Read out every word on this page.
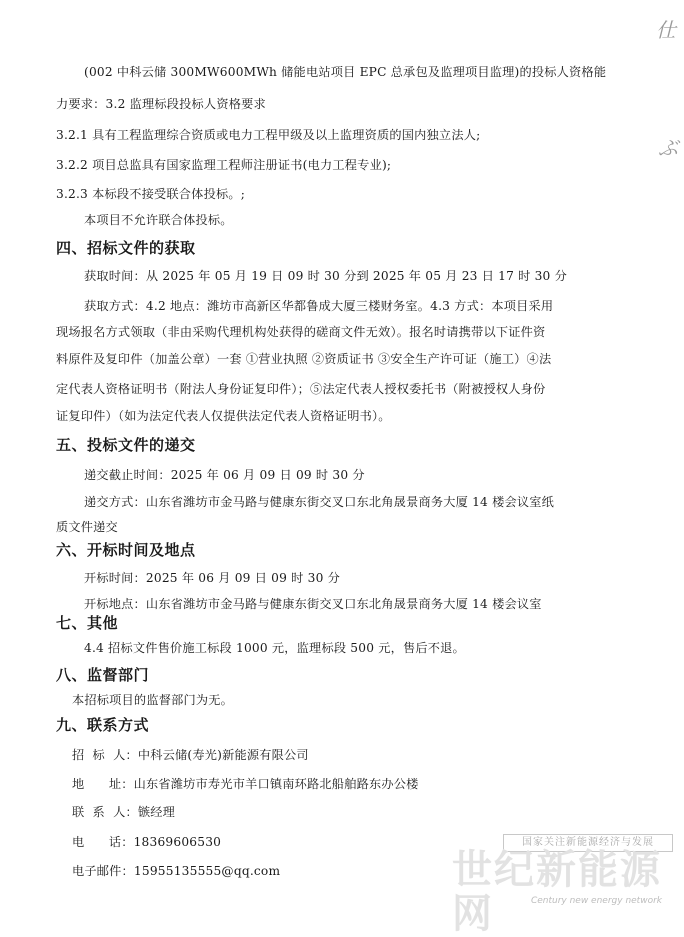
(002 中科云储 300MW600MWh 储能电站项目 EPC 总承包及监理项目监理)的投标人资格能
力要求：3.2 监理标段投标人资格要求
3.2.1 具有工程监理综合资质或电力工程甲级及以上监理资质的国内独立法人;
3.2.2 项目总监具有国家监理工程师注册证书(电力工程专业);
3.2.3 本标段不接受联合体投标。;
本项目不允许联合体投标。
四、招标文件的获取
获取时间：从 2025 年 05 月 19 日 09 时 30 分到 2025 年 05 月 23 日 17 时 30 分
获取方式：4.2 地点：潍坊市高新区华都鲁成大厦三楼财务室。4.3 方式：本项目采用
现场报名方式领取（非由采购代理机构处获得的磋商文件无效）。报名时请携带以下证件资
料原件及复印件（加盖公章）一套 ①营业执照 ②资质证书 ③安全生产许可证（施工）④法
定代表人资格证明书（附法人身份证复印件）；⑤法定代表人授权委托书（附被授权人身份
证复印件）（如为法定代表人仅提供法定代表人资格证明书）。
五、投标文件的递交
递交截止时间：2025 年 06 月 09 日 09 时 30 分
递交方式：山东省潍坊市金马路与健康东街交叉口东北角晟景商务大厦 14 楼会议室纸
质文件递交
六、开标时间及地点
开标时间：2025 年 06 月 09 日 09 时 30 分
开标地点：山东省潍坊市金马路与健康东街交叉口东北角晟景商务大厦 14 楼会议室
七、其他
4.4 招标文件售价施工标段 1000 元，监理标段 500 元，售后不退。
八、监督部门
本招标项目的监督部门为无。
九、联系方式
招  标  人：中科云储(寿光)新能源有限公司
地      址：山东省潍坊市寿光市羊口镇南环路北船舶路东办公楼
联  系  人：镞经理
电      话：18369606530
电子邮件：15955135555@qq.com
仕
ぶ
国家关注新能源经济与发展
世纪新能源网	Century new energy network
